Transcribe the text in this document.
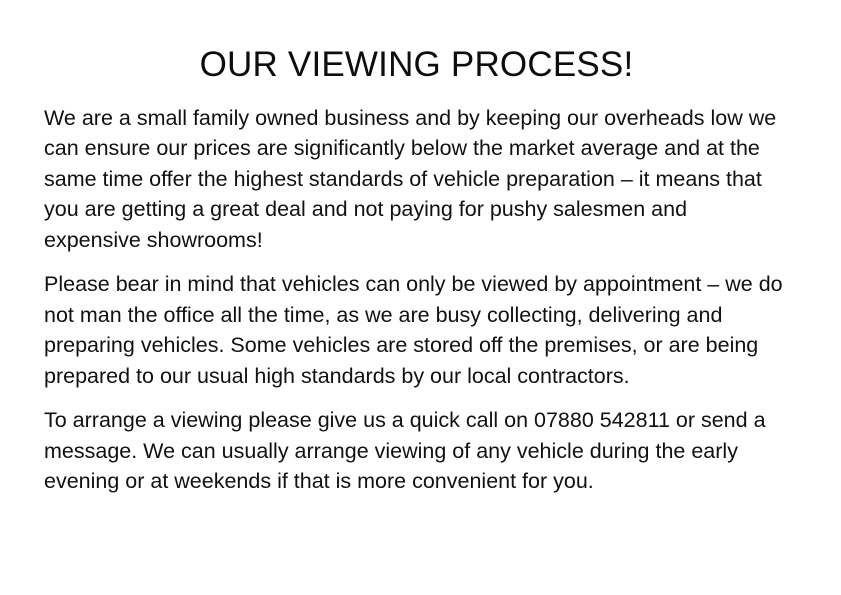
OUR VIEWING PROCESS!

We are a small family owned business and by keeping our overheads low we can ensure our prices are significantly below the market average and at the same time offer the highest standards of vehicle preparation – it means that you are getting a great deal and not paying for pushy salesmen and expensive showrooms!

Please bear in mind that vehicles can only be viewed by appointment – we do not man the office all the time, as we are busy collecting, delivering and preparing vehicles. Some vehicles are stored off the premises, or are being prepared to our usual high standards by our local contractors.

To arrange a viewing please give us a quick call on 07880 542811 or send a message. We can usually arrange viewing of any vehicle during the early evening or at weekends if that is more convenient for you.
